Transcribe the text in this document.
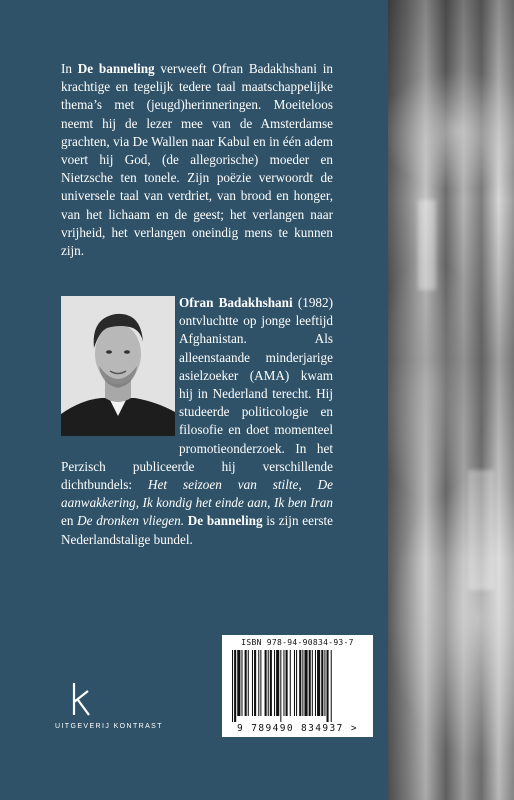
In De banneling verweeft Ofran Badakhshani in krachtige en tegelijk tedere taal maatschappelijke thema’s met (jeugd)herinneringen. Moeiteloos neemt hij de lezer mee van de Amsterdamse grachten, via De Wallen naar Kabul en in één adem voert hij God, (de allegorische) moeder en Nietzsche ten tonele. Zijn poëzie verwoordt de universele taal van verdriet, van brood en honger, van het lichaam en de geest; het verlangen naar vrijheid, het verlangen oneindig mens te kunnen zijn.

Ofran Badakhshani (1982) ontvluchtte op jonge leeftijd Afghanistan. Als alleenstaande minderjarige asielzoeker (AMA) kwam hij in Nederland terecht. Hij studeerde politicologie en filosofie en doet momenteel promotieonderzoek. In het Perzisch publiceerde hij verschillende dichtbundels: Het seizoen van stilte, De aanwakkering, Ik kondig het einde aan, Ik ben Iran en De dronken vliegen. De banneling is zijn eerste Nederlandstalige bundel.

ISBN 978-94-90834-93-7
9 789490 834937 >
UITGEVERIJ KONTRAST
